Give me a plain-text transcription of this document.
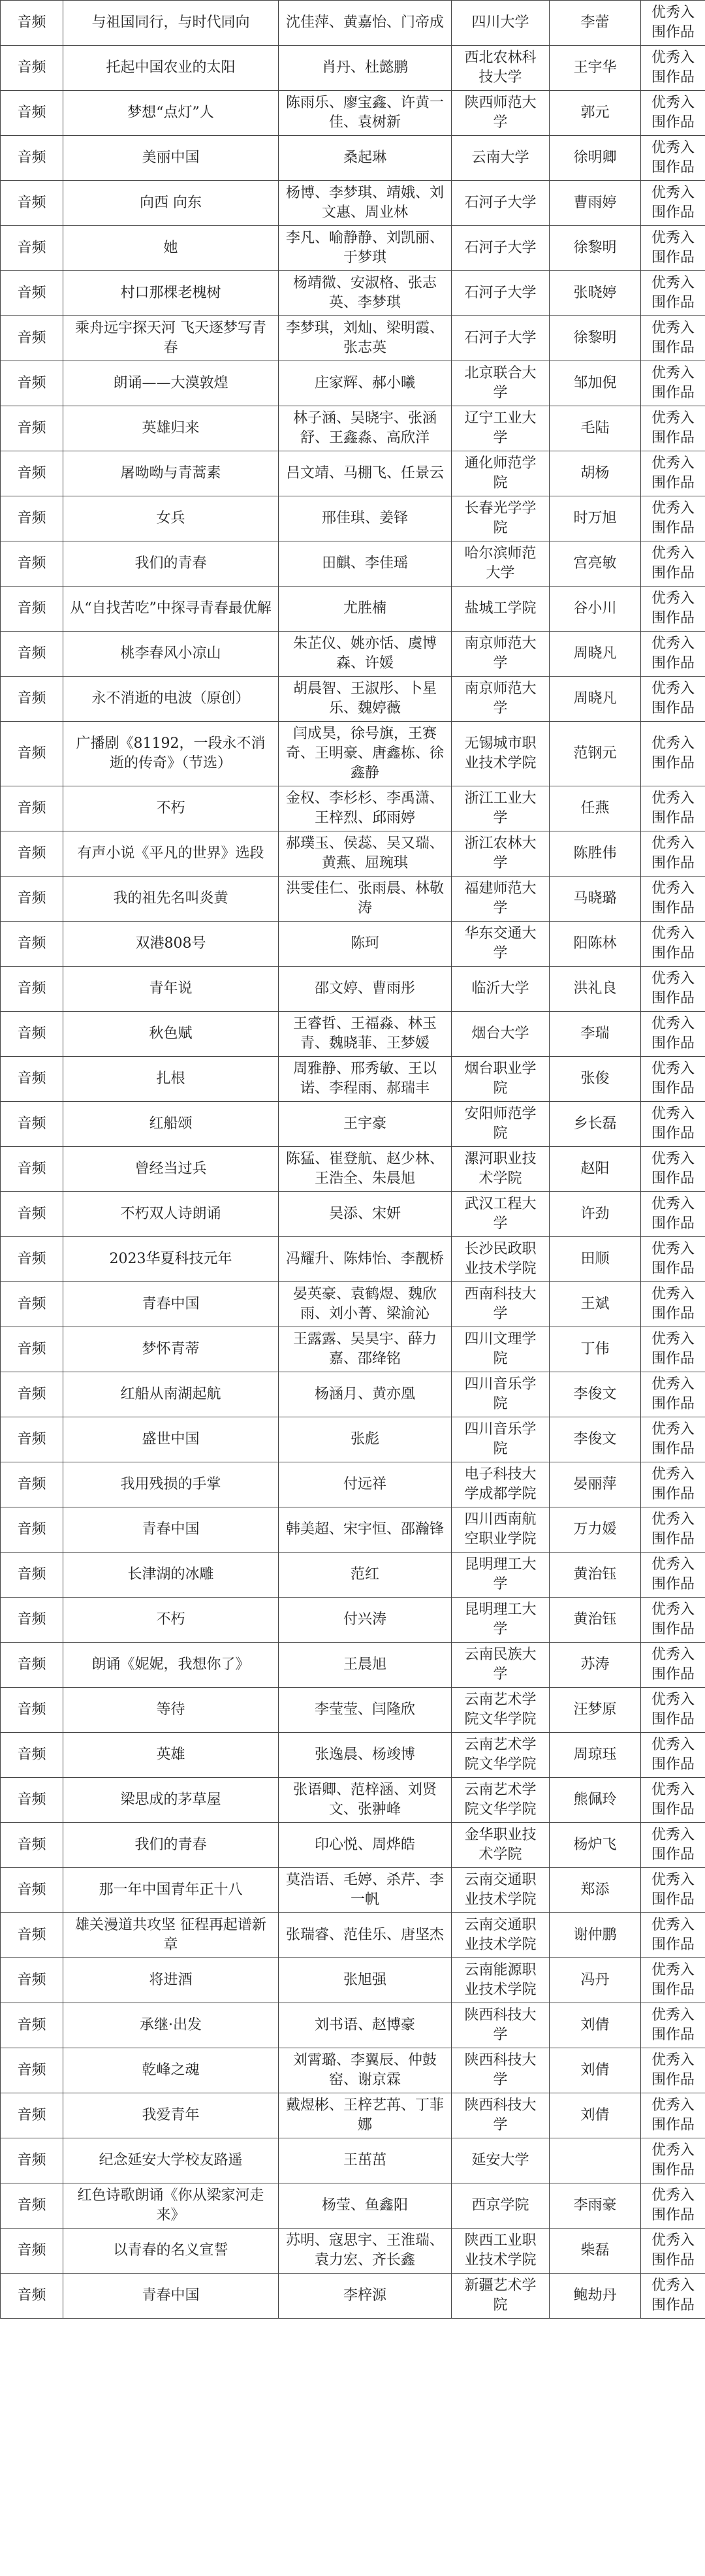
音频	与祖国同行，与时代同向	沈佳萍、黄嘉怡、门帝成	四川大学	李蕾	优秀入围作品
音频	托起中国农业的太阳	肖丹、杜懿鹏	西北农林科技大学	王宇华	优秀入围作品
音频	梦想“点灯”人	陈雨乐、廖宝鑫、许黄一佳、袁树新	陕西师范大学	郭元	优秀入围作品
音频	美丽中国	桑起琳	云南大学	徐明卿	优秀入围作品
音频	向西 向东	杨博、李梦琪、靖娥、刘文惠、周业林	石河子大学	曹雨婷	优秀入围作品
音频	她	李凡、喻静静、刘凯丽、于梦琪	石河子大学	徐黎明	优秀入围作品
音频	村口那棵老槐树	杨靖微、安淑格、张志英、李梦琪	石河子大学	张晓婷	优秀入围作品
音频	乘舟远宇探天河 飞天逐梦写青春	李梦琪，刘灿、梁明霞、张志英	石河子大学	徐黎明	优秀入围作品
音频	朗诵——大漠敦煌	庄家辉、郝小曦	北京联合大学	邹加倪	优秀入围作品
音频	英雄归来	林子涵、吴晓宇、张涵舒、王鑫淼、高欣洋	辽宁工业大学	毛陆	优秀入围作品
音频	屠呦呦与青蒿素	吕文靖、马棚飞、任景云	通化师范学院	胡杨	优秀入围作品
音频	女兵	邢佳琪、姜铎	长春光学学院	时万旭	优秀入围作品
音频	我们的青春	田麒、李佳瑶	哈尔滨师范大学	宫亮敏	优秀入围作品
音频	从“自找苦吃”中探寻青春最优解	尤胜楠	盐城工学院	谷小川	优秀入围作品
音频	桃李春风小凉山	朱芷仪、姚亦恬、虞博森、许媛	南京师范大学	周晓凡	优秀入围作品
音频	永不消逝的电波（原创）	胡晨智、王淑彤、卜星乐、魏婷薇	南京师范大学	周晓凡	优秀入围作品
音频	广播剧《81192，一段永不消逝的传奇》（节选）	闫成昊，徐号旗，王赛奇、王明豪、唐鑫栋、徐鑫静	无锡城市职业技术学院	范钢元	优秀入围作品
音频	不朽	金权、李杉杉、李禹潇、王梓烈、邱雨婷	浙江工业大学	任燕	优秀入围作品
音频	有声小说《平凡的世界》选段	郝璞玉、侯蕊、吴又瑞、黄燕、屈琬琪	浙江农林大学	陈胜伟	优秀入围作品
音频	我的祖先名叫炎黄	洪雯佳仁、张雨晨、林敬涛	福建师范大学	马晓璐	优秀入围作品
音频	双港808号	陈珂	华东交通大学	阳陈林	优秀入围作品
音频	青年说	邵文婷、曹雨彤	临沂大学	洪礼良	优秀入围作品
音频	秋色赋	王睿哲、王福淼、林玉青、魏晓菲、王梦媛	烟台大学	李瑞	优秀入围作品
音频	扎根	周雅静、邢秀敏、王以诺、李程雨、郝瑞丰	烟台职业学院	张俊	优秀入围作品
音频	红船颂	王宇豪	安阳师范学院	乡长磊	优秀入围作品
音频	曾经当过兵	陈猛、崔登航、赵少林、王浩全、朱晨旭	漯河职业技术学院	赵阳	优秀入围作品
音频	不朽双人诗朗诵	吴添、宋妍	武汉工程大学	许劲	优秀入围作品
音频	2023华夏科技元年	冯耀升、陈炜怡、李靓桥	长沙民政职业技术学院	田顺	优秀入围作品
音频	青春中国	晏英豪、袁鹤煜、魏欣雨、刘小菁、梁渝沁	西南科技大学	王斌	优秀入围作品
音频	梦怀青蒂	王露露、吴昊宇、薛力嘉、邵绛铭	四川文理学院	丁伟	优秀入围作品
音频	红船从南湖起航	杨涵月、黄亦凰	四川音乐学院	李俊文	优秀入围作品
音频	盛世中国	张彪	四川音乐学院	李俊文	优秀入围作品
音频	我用残损的手掌	付远祥	电子科技大学成都学院	晏丽萍	优秀入围作品
音频	青春中国	韩美超、宋宇恒、邵瀚锋	四川西南航空职业学院	万力媛	优秀入围作品
音频	长津湖的冰雕	范红	昆明理工大学	黄治钰	优秀入围作品
音频	不朽	付兴涛	昆明理工大学	黄治钰	优秀入围作品
音频	朗诵《妮妮，我想你了》	王晨旭	云南民族大学	苏涛	优秀入围作品
音频	等待	李莹莹、闫隆欣	云南艺术学院文华学院	汪梦原	优秀入围作品
音频	英雄	张逸晨、杨竣博	云南艺术学院文华学院	周琼珏	优秀入围作品
音频	梁思成的茅草屋	张语卿、范梓涵、刘贤文、张翀峰	云南艺术学院文华学院	熊佩玲	优秀入围作品
音频	我们的青春	印心悦、周烨皓	金华职业技术学院	杨炉飞	优秀入围作品
音频	那一年中国青年正十八	莫浩语、毛婷、杀芹、李一帆	云南交通职业技术学院	郑添	优秀入围作品
音频	雄关漫道共攻坚 征程再起谱新章	张瑞睿、范佳乐、唐坚杰	云南交通职业技术学院	谢仲鹏	优秀入围作品
音频	将进酒	张旭强	云南能源职业技术学院	冯丹	优秀入围作品
音频	承继·出发	刘书语、赵博豪	陕西科技大学	刘倩	优秀入围作品
音频	乾峰之魂	刘霄璐、李翼辰、仲鼓窑、谢京霖	陕西科技大学	刘倩	优秀入围作品
音频	我爱青年	戴煜彬、王梓艺苒、丁菲娜	陕西科技大学	刘倩	优秀入围作品
音频	纪念延安大学校友路遥	王茁茁	延安大学		优秀入围作品
音频	红色诗歌朗诵《你从梁家河走来》	杨莹、鱼鑫阳	西京学院	李雨豪	优秀入围作品
音频	以青春的名义宣誓	苏明、寇思宇、王淮瑞、袁力宏、齐长鑫	陕西工业职业技术学院	柴磊	优秀入围作品
音频	青春中国	李梓源	新疆艺术学院	鲍劫丹	优秀入围作品
